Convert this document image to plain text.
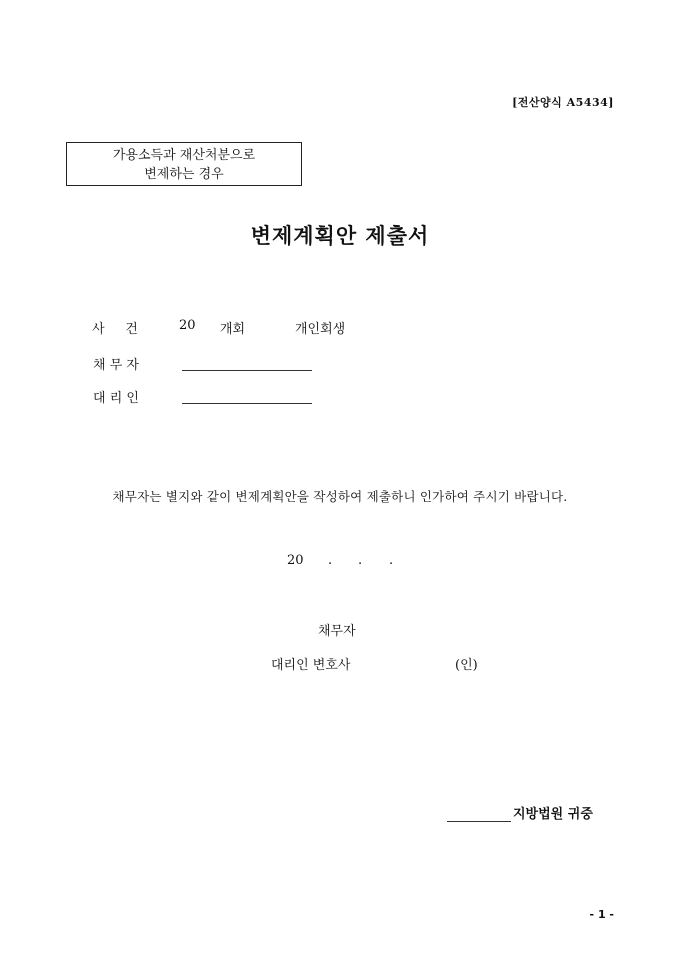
[전산양식 A5434]
가용소득과 재산처분으로
변제하는 경우
변제계획안 제출서
사     건	20 개회	개인회생
채 무 자
대 리 인
채무자는 별지와 같이 변제계획안을 작성하여 제출하니 인가하여 주시기 바랍니다.
20 . . .
채무자
대리인 변호사	(인)
지방법원 귀중
- 1 -
